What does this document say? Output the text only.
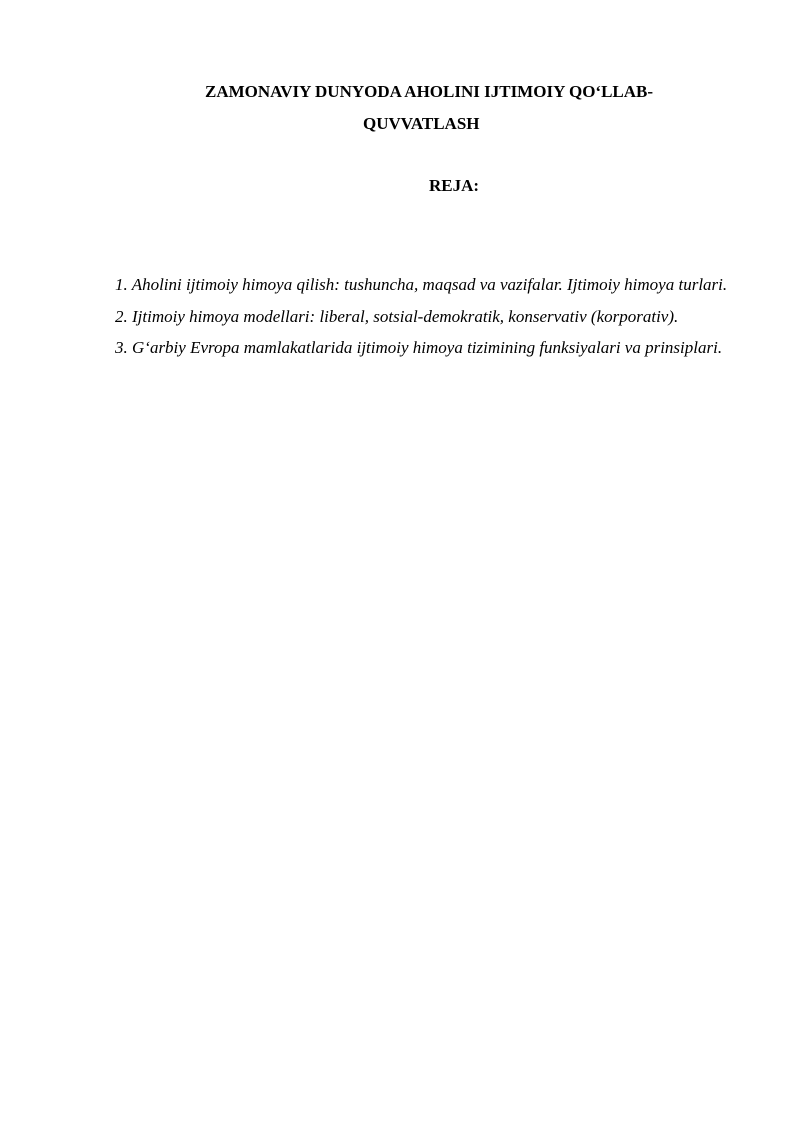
ZAMONAVIY DUNYODA AHOLINI IJTIMOIY QO‘LLAB-
QUVVATLASH
REJA:
1. Aholini ijtimoiy himoya qilish: tushuncha, maqsad va vazifalar. Ijtimoiy himoya turlari.
2. Ijtimoiy himoya modellari: liberal, sotsial-demokratik, konservativ (korporativ).
3. G‘arbiy Evropa mamlakatlarida ijtimoiy himoya tizimining funksiyalari va prinsiplari.
